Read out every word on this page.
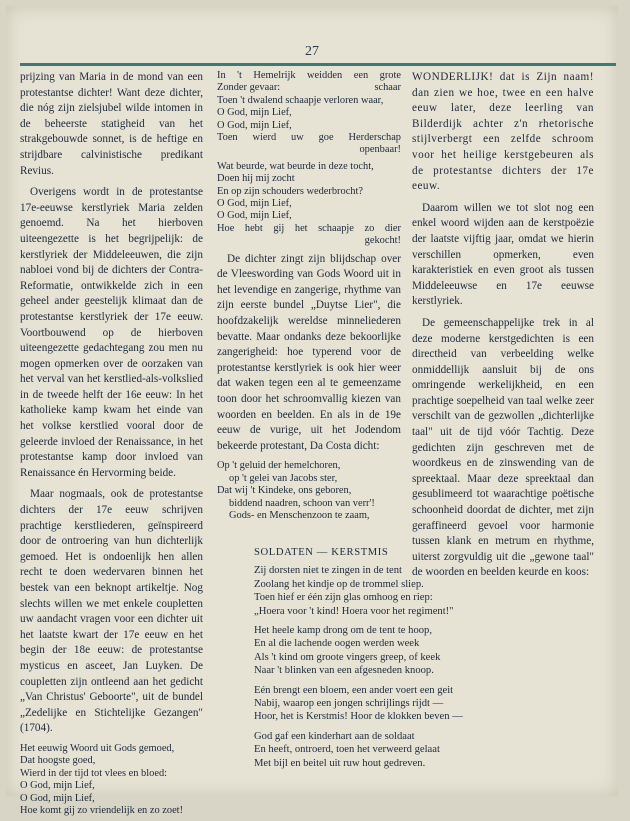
27

prijzing van Maria in de mond van een protestantse dichter! Want deze dichter, die nóg zijn zielsjubel wilde intomen in de beheerste statigheid van het strakgebouwde sonnet, is de heftige en strijdbare calvinistische predikant Revius.

Overigens wordt in de protestantse 17e-eeuwse kerstlyriek Maria zelden genoemd. Na het hierboven uiteengezette is het begrijpelijk: de kerstlyriek der Middeleeuwen, die zijn nabloei vond bij de dichters der Contra-Reformatie, ontwikkelde zich in een geheel ander geestelijk klimaat dan de protestantse kerstlyriek der 17e eeuw. Voortbouwend op de hierboven uiteengezette gedachtegang zou men nu mogen opmerken over de oorzaken van het verval van het kerstlied-als-volkslied in de tweede helft der 16e eeuw: In het katholieke kamp kwam het einde van het volkse kerstlied vooral door de geleerde invloed der Renaissance, in het protestantse kamp door invloed van Renaissance én Hervorming beide.

Maar nogmaals, ook de protestantse dichters der 17e eeuw schrijven prachtige kerstliederen, geïnspireerd door de ontroering van hun dichterlijk gemoed. Het is ondoenlijk hen allen recht te doen wedervaren binnen het bestek van een beknopt artikeltje. Nog slechts willen we met enkele coupletten uw aandacht vragen voor een dichter uit het laatste kwart der 17e eeuw en het begin der 18e eeuw: de protestantse mysticus en asceet, Jan Luyken. De coupletten zijn ontleend aan het gedicht „Van Christus' Geboorte", uit de bundel „Zedelijke en Stichtelijke Gezangen" (1704).

Het eeuwig Woord uit Gods gemoed,
Dat hoogste goed,
Wierd in der tijd tot vlees en bloed:
O God, mijn Lief,
O God, mijn Lief,
Hoe komt gij zo vriendelijk en zo zoet!
In 't Hemelrijk weidden een grote
Zonder gevaar:	schaar
Toen 't dwalend schaapje verloren waar,
O God, mijn Lief,
O God, mijn Lief,
Toen wierd uw goe Herderschap
openbaar!
Wat beurde, wat beurde in deze tocht,
Doen hij mij zocht
En op zijn schouders wederbrocht?
O God, mijn Lief,
O God, mijn Lief,
Hoe hebt gij het schaapje zo dier
gekocht!

De dichter zingt zijn blijdschap over de Vleeswording van Gods Woord uit in het levendige en zangerige, rhythme van zijn eerste bundel „Duytse Lier", die hoofdzakelijk wereldse minneliederen bevatte. Maar ondanks deze bekoorlijke zangerigheid: hoe typerend voor de protestantse kerstlyriek is ook hier weer dat waken tegen een al te gemeenzame toon door het schroomvallig kiezen van woorden en beelden. En als in de 19e eeuw de vurige, uit het Jodendom bekeerde protestant, Da Costa dicht:

Op 't geluid der hemelchoren,
op 't gelei van Jacobs ster,
Dat wij 't Kindeke, ons geboren,
biddend naadren, schoon van verr'!
Gods- en Menschenzoon te zaam,

WONDERLIJK! dat is Zijn naam! dan zien we hoe, twee en een halve eeuw later, deze leerling van Bilderdijk achter z'n rhetorische stijlverbergt een zelfde schroom voor het heilige kerstgebeuren als de protestantse dichters der 17e eeuw.

Daarom willen we tot slot nog een enkel woord wijden aan de kerstpoëzie der laatste vijftig jaar, omdat we hierin verschillen opmerken, even karakteristiek en even groot als tussen Middeleeuwse en 17e eeuwse kerstlyriek.

De gemeenschappelijke trek in al deze moderne kerstgedichten is een directheid van verbeelding welke onmiddellijk aansluit bij de ons omringende werkelijkheid, en een prachtige soepelheid van taal welke zeer verschilt van de gezwollen „dichterlijke taal" uit de tijd vóór Tachtig. Deze gedichten zijn geschreven met de woordkeus en de zinswending van de spreektaal. Maar deze spreektaal dan gesublimeerd tot waarachtige poëtische schoonheid doordat de dichter, met zijn geraffineerd gevoel voor harmonie tussen klank en metrum en rhythme, uiterst zorgvuldig uit die „gewone taal" de woorden en beelden keurde en koos:

SOLDATEN — KERSTMIS
Zij dorsten niet te zingen in de tent
Zoolang het kindje op de trommel sliep.
Toen hief er één zijn glas omhoog en riep:
„Hoera voor 't kind! Hoera voor het regiment!"
Het heele kamp drong om de tent te hoop,
En al die lachende oogen werden week
Als 't kind om groote vingers greep, of keek
Naar 't blinken van een afgesneden knoop.
Eén brengt een bloem, een ander voert een geit
Nabij, waarop een jongen schrijlings rijdt —
Hoor, het is Kerstmis! Hoor de klokken beven —
God gaf een kinderhart aan de soldaat
En heeft, ontroerd, toen het verweerd gelaat
Met bijl en beitel uit ruw hout gedreven.
